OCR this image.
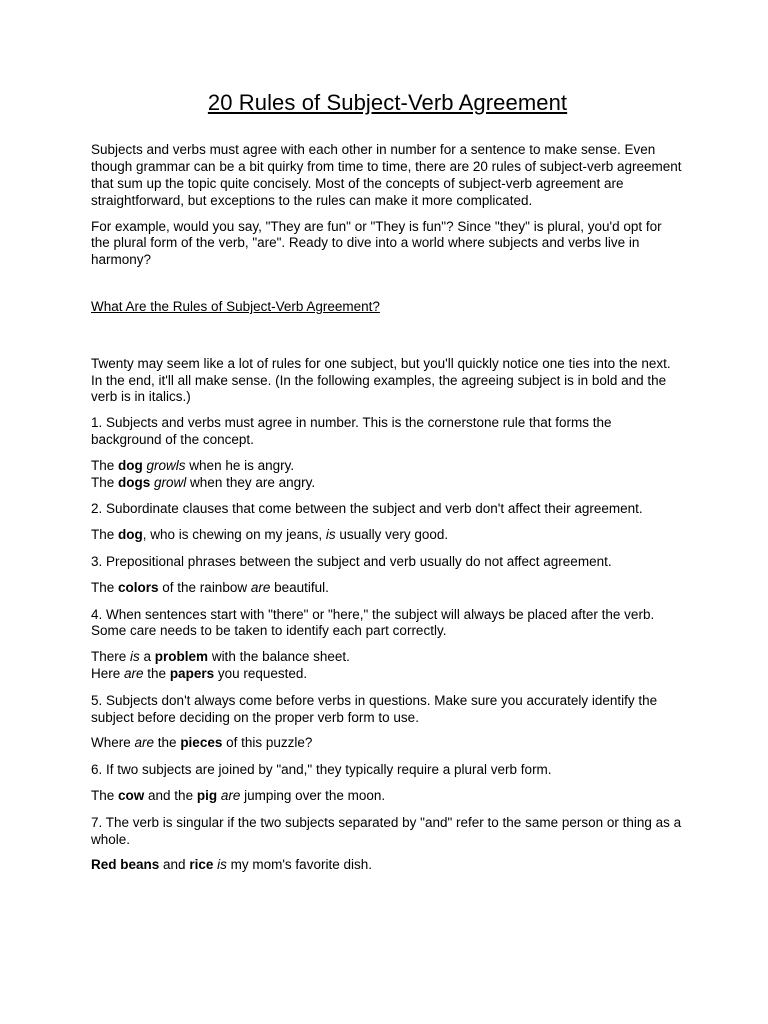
20 Rules of Subject-Verb Agreement

Subjects and verbs must agree with each other in number for a sentence to make sense. Even though grammar can be a bit quirky from time to time, there are 20 rules of subject-verb agreement that sum up the topic quite concisely. Most of the concepts of subject-verb agreement are straightforward, but exceptions to the rules can make it more complicated.

For example, would you say, "They are fun" or "They is fun"? Since "they" is plural, you'd opt for the plural form of the verb, "are". Ready to dive into a world where subjects and verbs live in harmony?

What Are the Rules of Subject-Verb Agreement?

Twenty may seem like a lot of rules for one subject, but you'll quickly notice one ties into the next. In the end, it'll all make sense. (In the following examples, the agreeing subject is in bold and the verb is in italics.)

1. Subjects and verbs must agree in number. This is the cornerstone rule that forms the background of the concept.

The dog growls when he is angry.
The dogs growl when they are angry.

2. Subordinate clauses that come between the subject and verb don't affect their agreement.

The dog, who is chewing on my jeans, is usually very good.

3. Prepositional phrases between the subject and verb usually do not affect agreement.

The colors of the rainbow are beautiful.

4. When sentences start with "there" or "here," the subject will always be placed after the verb. Some care needs to be taken to identify each part correctly.

There is a problem with the balance sheet.
Here are the papers you requested.

5. Subjects don't always come before verbs in questions. Make sure you accurately identify the subject before deciding on the proper verb form to use.

Where are the pieces of this puzzle?

6. If two subjects are joined by "and," they typically require a plural verb form.

The cow and the pig are jumping over the moon.

7. The verb is singular if the two subjects separated by "and" refer to the same person or thing as a whole.

Red beans and rice is my mom's favorite dish.
